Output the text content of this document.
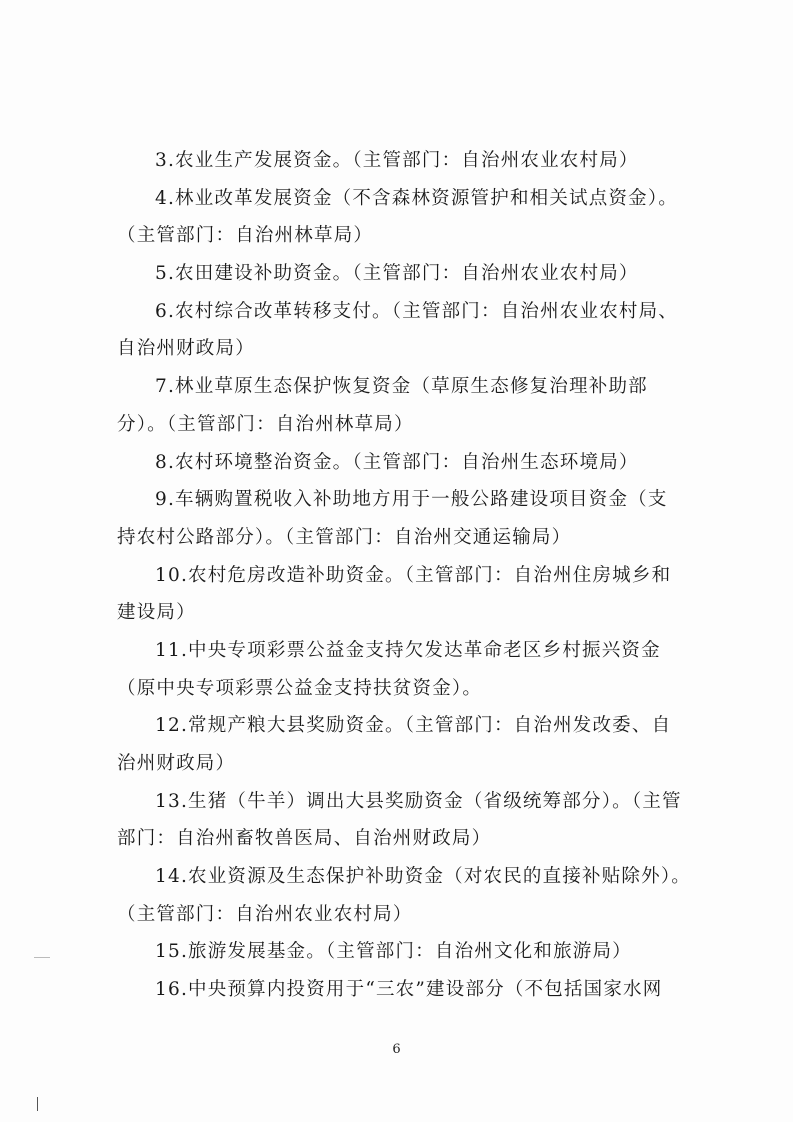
3.农业生产发展资金。（主管部门：自治州农业农村局）
4.林业改革发展资金（不含森林资源管护和相关试点资金）。
（主管部门：自治州林草局）
5.农田建设补助资金。（主管部门：自治州农业农村局）
6.农村综合改革转移支付。（主管部门：自治州农业农村局、
自治州财政局）
7.林业草原生态保护恢复资金（草原生态修复治理补助部
分）。（主管部门：自治州林草局）
8.农村环境整治资金。（主管部门：自治州生态环境局）
9.车辆购置税收入补助地方用于一般公路建设项目资金（支
持农村公路部分）。（主管部门：自治州交通运输局）
10.农村危房改造补助资金。（主管部门：自治州住房城乡和
建设局）
11.中央专项彩票公益金支持欠发达革命老区乡村振兴资金
（原中央专项彩票公益金支持扶贫资金）。
12.常规产粮大县奖励资金。（主管部门：自治州发改委、自
治州财政局）
13.生猪（牛羊）调出大县奖励资金（省级统筹部分）。（主管
部门：自治州畜牧兽医局、自治州财政局）
14.农业资源及生态保护补助资金（对农民的直接补贴除外）。
（主管部门：自治州农业农村局）
15.旅游发展基金。（主管部门：自治州文化和旅游局）
16.中央预算内投资用于“三农”建设部分（不包括国家水网
6
